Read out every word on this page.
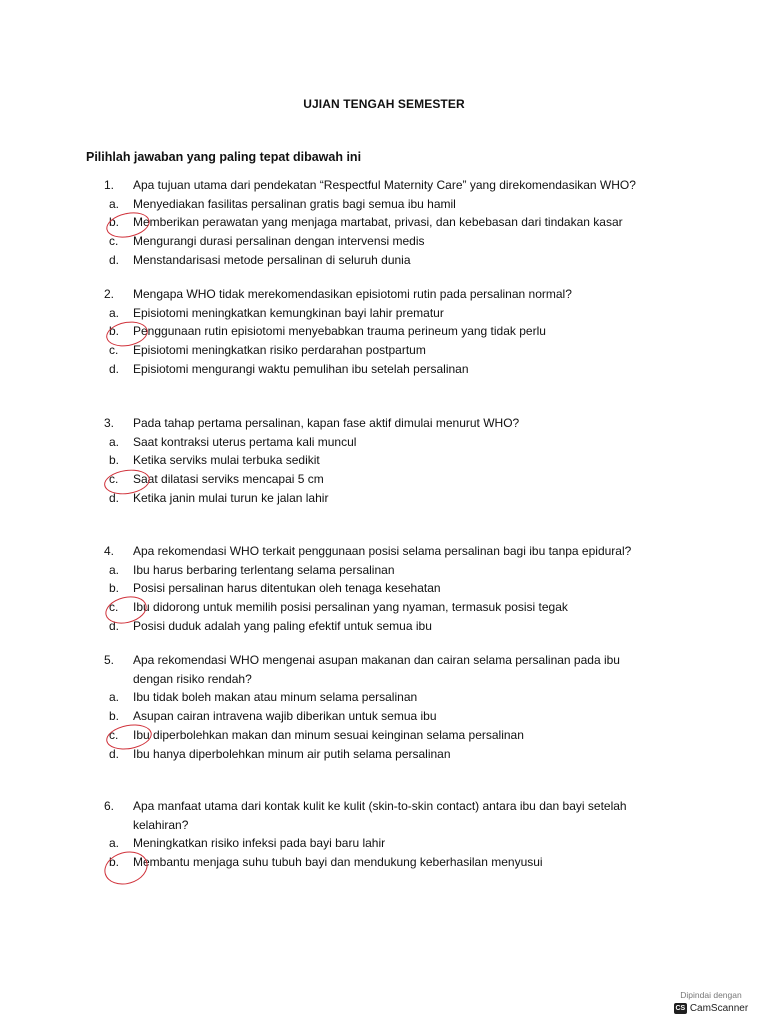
UJIAN TENGAH SEMESTER
Pilihlah jawaban yang paling tepat dibawah ini
1.	Apa tujuan utama dari pendekatan “Respectful Maternity Care” yang direkomendasikan WHO?
a.	Menyediakan fasilitas persalinan gratis bagi semua ibu hamil
b.	Memberikan perawatan yang menjaga martabat, privasi, dan kebebasan dari tindakan kasar
c.	Mengurangi durasi persalinan dengan intervensi medis
d.	Menstandarisasi metode persalinan di seluruh dunia
2.	Mengapa WHO tidak merekomendasikan episiotomi rutin pada persalinan normal?
a.	Episiotomi meningkatkan kemungkinan bayi lahir prematur
b.	Penggunaan rutin episiotomi menyebabkan trauma perineum yang tidak perlu
c.	Episiotomi meningkatkan risiko perdarahan postpartum
d.	Episiotomi mengurangi waktu pemulihan ibu setelah persalinan
3.	Pada tahap pertama persalinan, kapan fase aktif dimulai menurut WHO?
a.	Saat kontraksi uterus pertama kali muncul
b.	Ketika serviks mulai terbuka sedikit
c.	Saat dilatasi serviks mencapai 5 cm
d.	Ketika janin mulai turun ke jalan lahir
4.	Apa rekomendasi WHO terkait penggunaan posisi selama persalinan bagi ibu tanpa epidural?
a.	Ibu harus berbaring terlentang selama persalinan
b.	Posisi persalinan harus ditentukan oleh tenaga kesehatan
c.	Ibu didorong untuk memilih posisi persalinan yang nyaman, termasuk posisi tegak
d.	Posisi duduk adalah yang paling efektif untuk semua ibu
5.	Apa rekomendasi WHO mengenai asupan makanan dan cairan selama persalinan pada ibu
dengan risiko rendah?
a.	Ibu tidak boleh makan atau minum selama persalinan
b.	Asupan cairan intravena wajib diberikan untuk semua ibu
c.	Ibu diperbolehkan makan dan minum sesuai keinginan selama persalinan
d.	Ibu hanya diperbolehkan minum air putih selama persalinan
6.	Apa manfaat utama dari kontak kulit ke kulit (skin-to-skin contact) antara ibu dan bayi setelah
kelahiran?
a.	Meningkatkan risiko infeksi pada bayi baru lahir
b.	Membantu menjaga suhu tubuh bayi dan mendukung keberhasilan menyusui
Dipindai dengan
CS CamScanner
